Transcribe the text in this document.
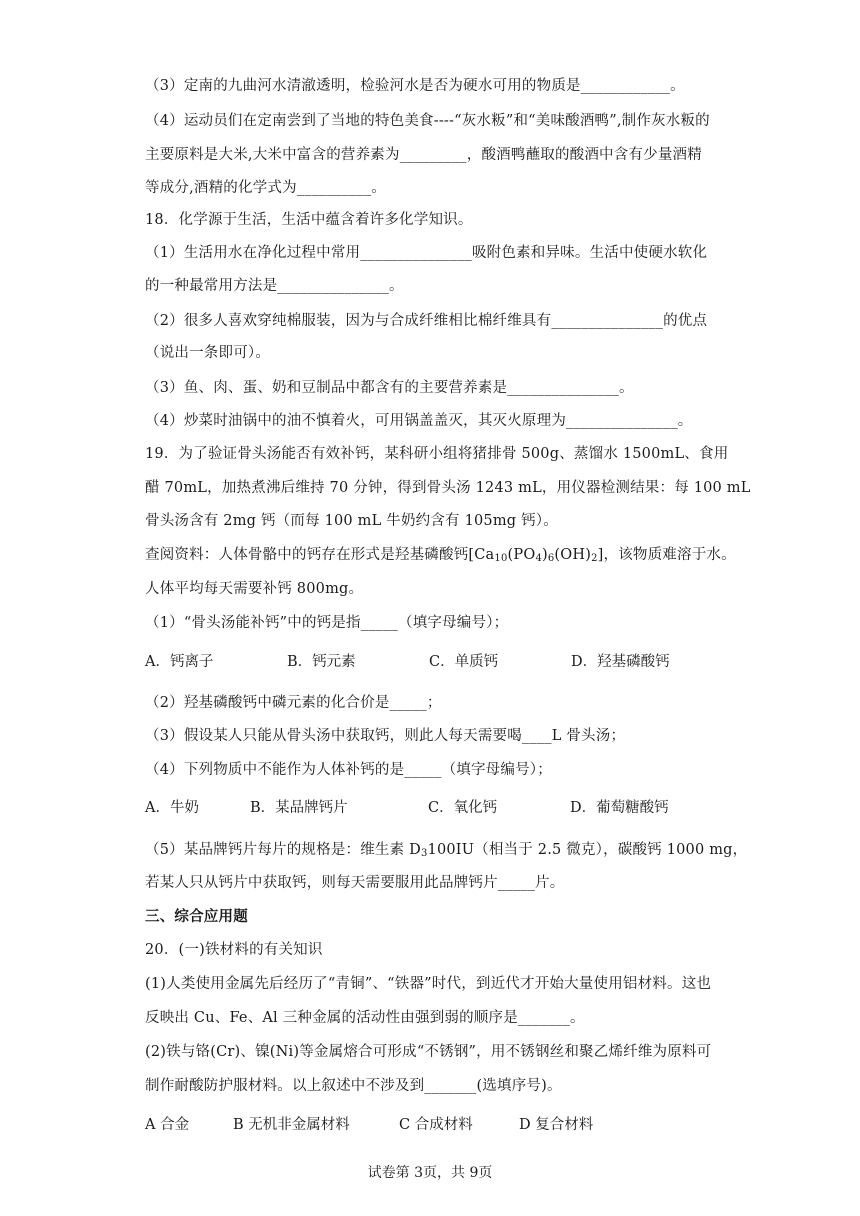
（3）定南的九曲河水清澈透明，检验河水是否为硬水可用的物质是____________。
（4）运动员们在定南尝到了当地的特色美食----“灰水粄”和“美味酸酒鸭”,制作灰水粄的
主要原料是大米,大米中富含的营养素为_________，酸酒鸭蘸取的酸酒中含有少量酒精
等成分,酒精的化学式为__________。
18．化学源于生活，生活中蕴含着许多化学知识。
（1）生活用水在净化过程中常用_______________吸附色素和异味。生活中使硬水软化
的一种最常用方法是_______________。
（2）很多人喜欢穿纯棉服装，因为与合成纤维相比棉纤维具有_______________的优点
（说出一条即可）。
（3）鱼、肉、蛋、奶和豆制品中都含有的主要营养素是_______________。
（4）炒菜时油锅中的油不慎着火，可用锅盖盖灭，其灭火原理为_______________。
19．为了验证骨头汤能否有效补钙，某科研小组将猪排骨 500g、蒸馏水 1500mL、食用
醋 70mL，加热煮沸后维持 70 分钟，得到骨头汤 1243 mL，用仪器检测结果：每 100 mL
骨头汤含有 2mg 钙（而每 100 mL 牛奶约含有 105mg 钙）。
查阅资料：人体骨骼中的钙存在形式是羟基磷酸钙$[Ca_{10}(PO_4)_6(OH)_2]$，该物质难溶于水。
人体平均每天需要补钙 800mg。
（1）“骨头汤能补钙”中的钙是指_____（填字母编号）；
A．钙离子	B．钙元素	C．单质钙	D．羟基磷酸钙
（2）羟基磷酸钙中磷元素的化合价是_____；
（3）假设某人只能从骨头汤中获取钙，则此人每天需要喝____L 骨头汤；
（4）下列物质中不能作为人体补钙的是_____（填字母编号）；
A．牛奶	B．某品牌钙片	C．氧化钙	D．葡萄糖酸钙
（5）某品牌钙片每片的规格是：维生素 $D_3100IU$（相当于 2.5 微克），碳酸钙 1000 mg，
若某人只从钙片中获取钙，则每天需要服用此品牌钙片_____片。
三、综合应用题
20．(一)铁材料的有关知识
(1)人类使用金属先后经历了“青铜”、“铁器”时代，到近代才开始大量使用铝材料。这也
反映出 Cu、Fe、Al 三种金属的活动性由强到弱的顺序是_______。
(2)铁与铬(Cr)、镍(Ni)等金属熔合可形成“不锈钢”，用不锈钢丝和聚乙烯纤维为原料可
制作耐酸防护服材料。以上叙述中不涉及到_______(选填序号)。
A 合金	B 无机非金属材料	C 合成材料	D 复合材料
试卷第 3页，共 9页
